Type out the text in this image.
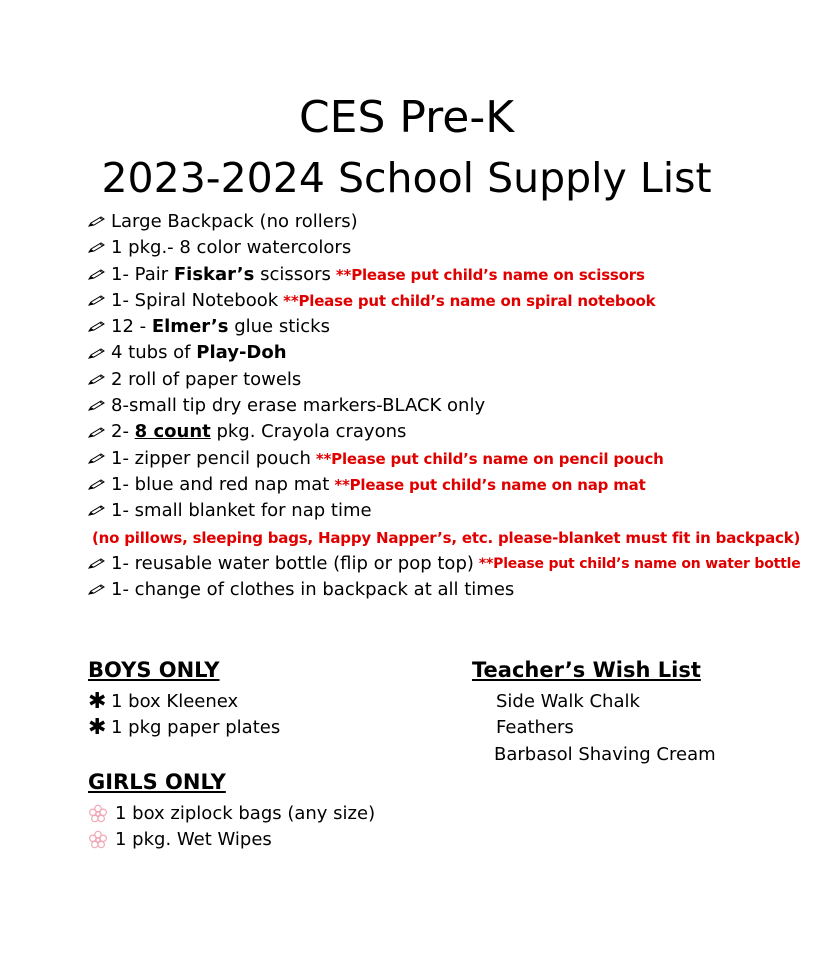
CES Pre-K
2023-2024 School Supply List
Large Backpack (no rollers)
1 pkg.- 8 color watercolors
1- Pair Fiskar’s scissors **Please put child’s name on scissors
1- Spiral Notebook **Please put child’s name on spiral notebook
12 - Elmer’s glue sticks
4 tubs of Play-Doh
2 roll of paper towels
8-small tip dry erase markers-BLACK only
2- 8 count pkg. Crayola crayons
1- zipper pencil pouch **Please put child’s name on pencil pouch
1- blue and red nap mat **Please put child’s name on nap mat
1- small blanket for nap time
(no pillows, sleeping bags, Happy Napper’s, etc. please-blanket must fit in backpack)
1- reusable water bottle (flip or pop top) **Please put child’s name on water bottle
1- change of clothes in backpack at all times
BOYS ONLY
✱ 1 box Kleenex
✱ 1 pkg paper plates
GIRLS ONLY
1 box ziplock bags (any size)
1 pkg. Wet Wipes
Teacher’s Wish List
Side Walk Chalk
Feathers
Barbasol Shaving Cream
